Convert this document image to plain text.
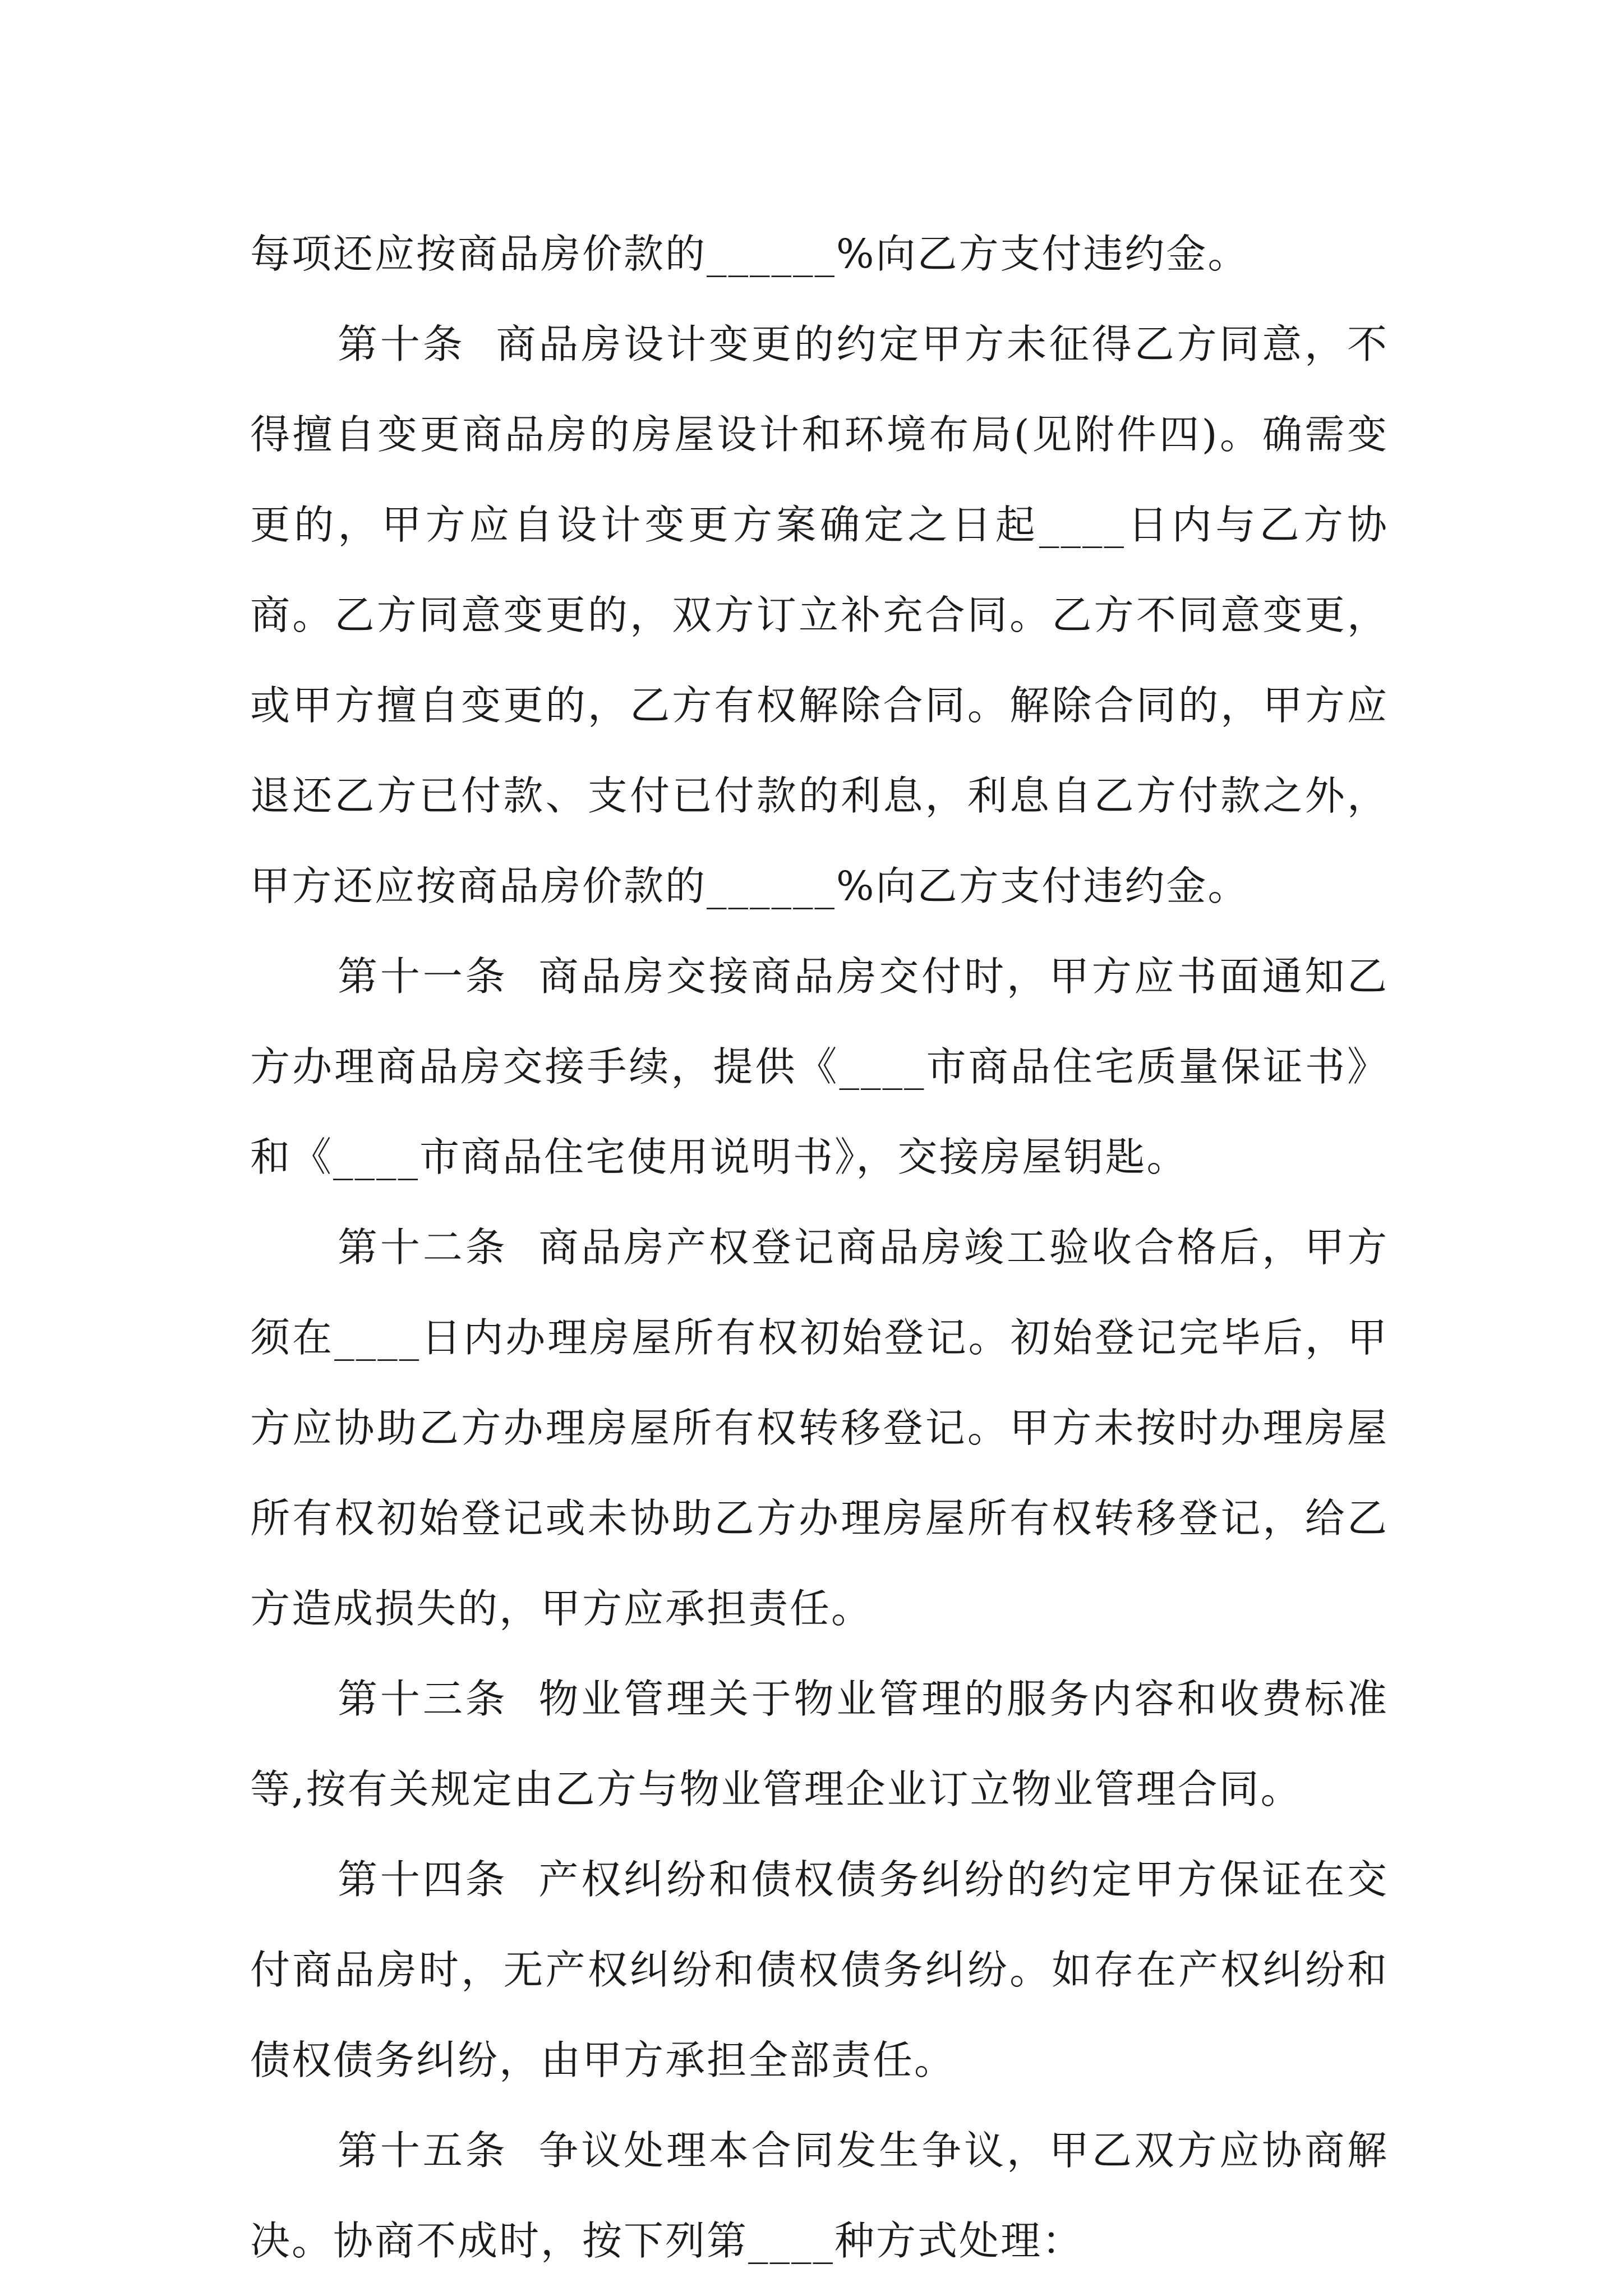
每项还应按商品房价款的______%向乙方支付违约金。

第十条  商品房设计变更的约定甲方未征得乙方同意，不得擅自变更商品房的房屋设计和环境布局(见附件四)。确需变更的，甲方应自设计变更方案确定之日起____日内与乙方协商。乙方同意变更的，双方订立补充合同。乙方不同意变更，或甲方擅自变更的，乙方有权解除合同。解除合同的，甲方应退还乙方已付款、支付已付款的利息，利息自乙方付款之外，甲方还应按商品房价款的______%向乙方支付违约金。

第十一条  商品房交接商品房交付时，甲方应书面通知乙方办理商品房交接手续，提供《____市商品住宅质量保证书》和《____市商品住宅使用说明书》，交接房屋钥匙。

第十二条  商品房产权登记商品房竣工验收合格后，甲方须在____日内办理房屋所有权初始登记。初始登记完毕后，甲方应协助乙方办理房屋所有权转移登记。甲方未按时办理房屋所有权初始登记或未协助乙方办理房屋所有权转移登记，给乙方造成损失的，甲方应承担责任。

第十三条  物业管理关于物业管理的服务内容和收费标准等,按有关规定由乙方与物业管理企业订立物业管理合同。

第十四条  产权纠纷和债权债务纠纷的约定甲方保证在交付商品房时，无产权纠纷和债权债务纠纷。如存在产权纠纷和债权债务纠纷，由甲方承担全部责任。

第十五条  争议处理本合同发生争议，甲乙双方应协商解决。协商不成时，按下列第____种方式处理：
